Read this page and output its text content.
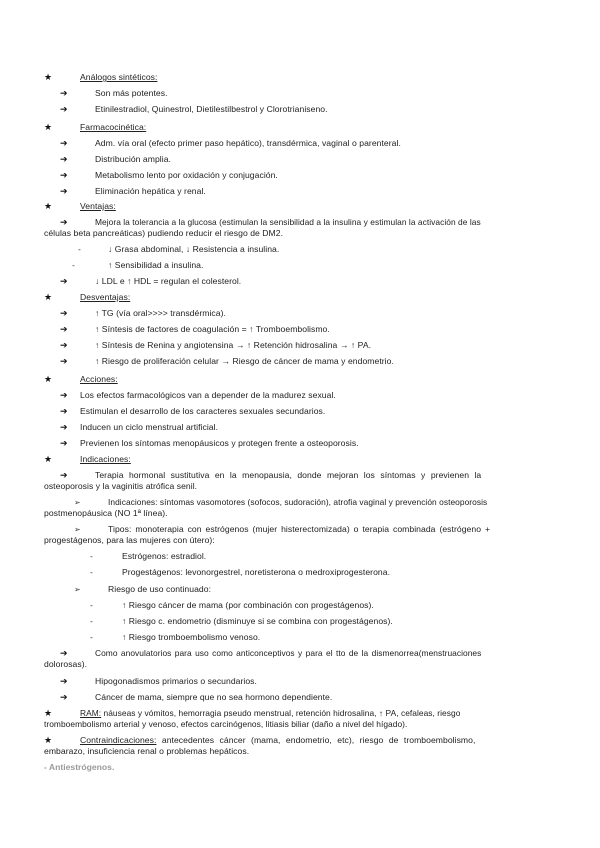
★	Análogos sintéticos:
➔	Son más potentes.
➔	Etinilestradiol, Quinestrol, Dietilestilbestrol y Clorotrianiseno.
★	Farmacocinética:
➔	Adm. vía oral (efecto primer paso hepático), transdérmica, vaginal o parenteral.
➔	Distribución amplia.
➔	Metabolismo lento por oxidación y conjugación.
➔	Eliminación hepática y renal.
★	Ventajas:
➔	Mejora la tolerancia a la glucosa (estimulan la sensibilidad a la insulina y estimulan la activación de las
células beta pancreáticas) pudiendo reducir el riesgo de DM2.
-	↓ Grasa abdominal, ↓ Resistencia a insulina.
-	↑ Sensibilidad a insulina.
➔	↓ LDL e ↑ HDL = regulan el colesterol.
★	Desventajas:
➔	↑ TG (vía oral>>>> transdérmica).
➔	↑ Síntesis de factores de coagulación = ↑ Tromboembolismo.
➔	↑ Síntesis de Renina y angiotensina → ↑ Retención hidrosalina → ↑ PA.
➔	↑ Riesgo de proliferación celular → Riesgo de cáncer de mama y endometrio.
★	Acciones:
➔ Los efectos farmacológicos van a depender de la madurez sexual.
➔ Estimulan el desarrollo de los caracteres sexuales secundarios.
➔ Inducen un ciclo menstrual artificial.
➔ Previenen los síntomas menopáusicos y protegen frente a osteoporosis.
★	Indicaciones:
➔	Terapia hormonal sustitutiva en la menopausia, donde mejoran los síntomas y previenen la
osteoporosis y la vaginitis atrófica senil.
➢	Indicaciones: síntomas vasomotores (sofocos, sudoración), atrofia vaginal y prevención osteoporosis
postmenopáusica (NO 1ª línea).
➢	Tipos: monoterapia con estrógenos (mujer histerectomizada) o terapia combinada (estrógeno +
progestágenos, para las mujeres con útero):
-	Estrógenos: estradiol.
-	Progestágenos: levonorgestrel, noretisterona o medroxiprogesterona.
➢	Riesgo de uso continuado:
-	↑ Riesgo cáncer de mama (por combinación con progestágenos).
-	↑ Riesgo c. endometrio (disminuye si se combina con progestágenos).
-	↑ Riesgo tromboembolismo venoso.
➔	Como anovulatorios para uso como anticonceptivos y para el tto de la dismenorrea(menstruaciones
dolorosas).
➔	Hipogonadismos primarios o secundarios.
➔	Cáncer de mama, siempre que no sea hormono dependiente.
★	RAM: náuseas y vómitos, hemorragia pseudo menstrual, retención hidrosalina, ↑ PA, cefaleas, riesgo
tromboembolismo arterial y venoso, efectos carcinógenos, litiasis biliar (daño a nivel del hígado).
★	Contraindicaciones: antecedentes cáncer (mama, endometrio, etc), riesgo de tromboembolismo,
embarazo, insuficiencia renal o problemas hepáticos.
- Antiestrógenos.
